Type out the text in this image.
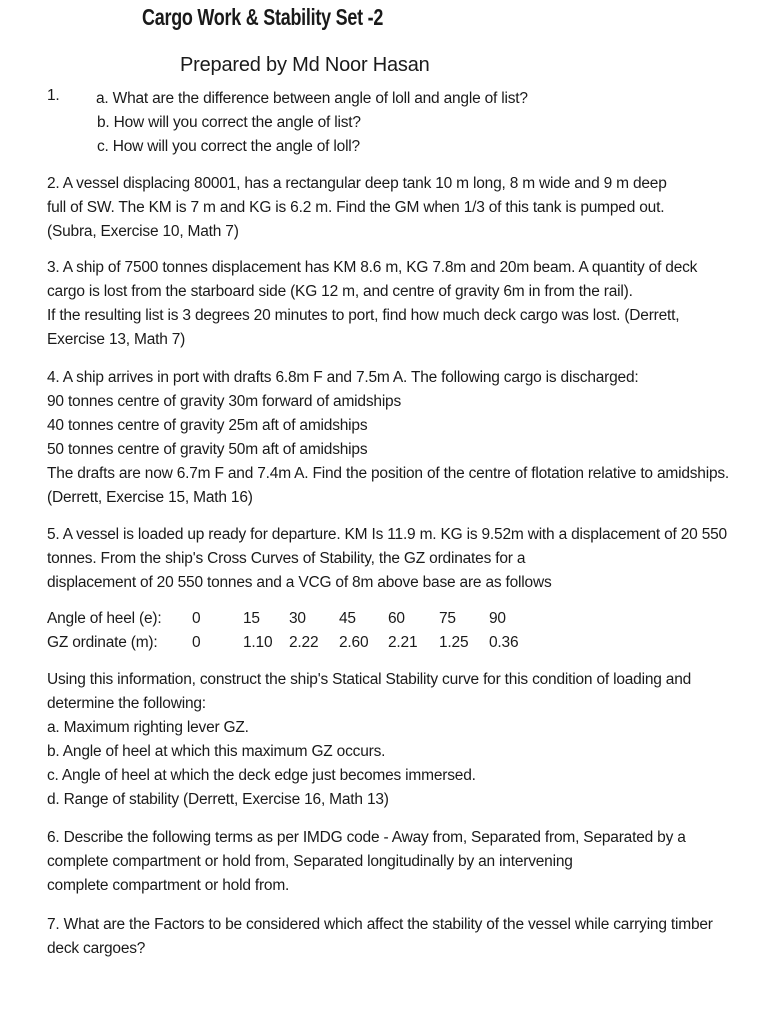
Cargo Work & Stability Set -2
Prepared by Md Noor Hasan
1. a. What are the difference between angle of loll and angle of list?
b. How will you correct the angle of list?
c. How will you correct the angle of loll?
2. A vessel displacing 80001, has a rectangular deep tank 10 m long, 8 m wide and 9 m deep
full of SW. The KM is 7 m and KG is 6.2 m. Find the GM when 1/3 of this tank is pumped out.
(Subra, Exercise 10, Math 7)
3. A ship of 7500 tonnes displacement has KM 8.6 m, KG 7.8m and 20m beam. A quantity of deck
cargo is lost from the starboard side (KG 12 m, and centre of gravity 6m in from the rail).
If the resulting list is 3 degrees 20 minutes to port, find how much deck cargo was lost. (Derrett,
Exercise 13, Math 7)
4. A ship arrives in port with drafts 6.8m F and 7.5m A. The following cargo is discharged:
90 tonnes centre of gravity 30m forward of amidships
40 tonnes centre of gravity 25m aft of amidships
50 tonnes centre of gravity 50m aft of amidships
The drafts are now 6.7m F and 7.4m A. Find the position of the centre of flotation relative to amidships.
(Derrett, Exercise 15, Math 16)
5. A vessel is loaded up ready for departure. KM Is 11.9 m. KG is 9.52m with a displacement of 20 550
tonnes. From the ship's Cross Curves of Stability, the GZ ordinates for a
displacement of 20 550 tonnes and a VCG of 8m above base are as follows
Angle of heel (e): 0	15 30 45 60 75 90
GZ ordinate (m): 0	1.10 2.22 2.60 2.21 1.25 0.36
Using this information, construct the ship's Statical Stability curve for this condition of loading and
determine the following:
a. Maximum righting lever GZ.
b. Angle of heel at which this maximum GZ occurs.
c. Angle of heel at which the deck edge just becomes immersed.
d. Range of stability (Derrett, Exercise 16, Math 13)
6. Describe the following terms as per IMDG code - Away from, Separated from, Separated by a
complete compartment or hold from, Separated longitudinally by an intervening
complete compartment or hold from.
7. What are the Factors to be considered which affect the stability of the vessel while carrying timber
deck cargoes?
